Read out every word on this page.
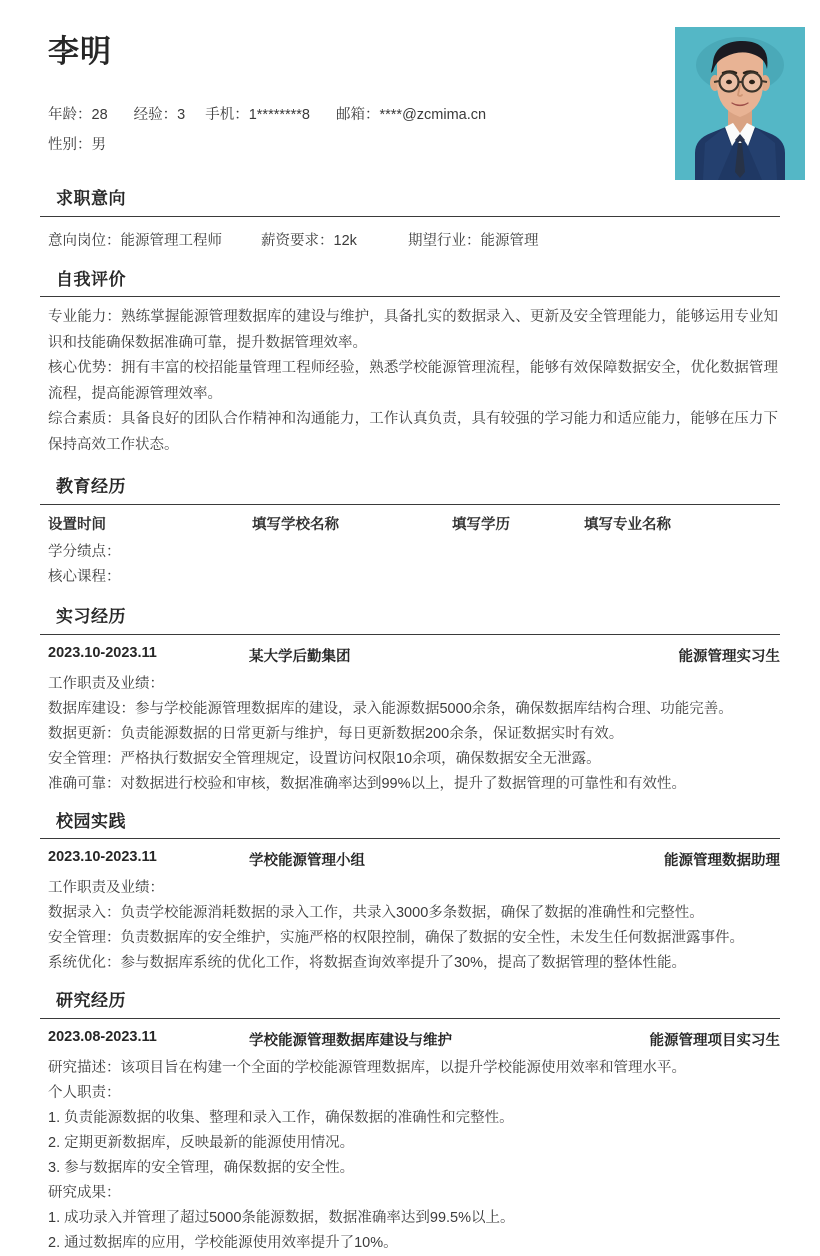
李明
年龄：28 经验：3 手机：1********8 邮箱：****@zcmima.cn
性别：男
求职意向
意向岗位：能源管理工程师	薪资要求：12k	期望行业：能源管理
自我评价
专业能力：熟练掌握能源管理数据库的建设与维护，具备扎实的数据录入、更新及安全管理能力，能够运用专业知识和技能确保数据准确可靠，提升数据管理效率。
核心优势：拥有丰富的校招能量管理工程师经验，熟悉学校能源管理流程，能够有效保障数据安全，优化数据管理流程，提高能源管理效率。
综合素质：具备良好的团队合作精神和沟通能力，工作认真负责，具有较强的学习能力和适应能力，能够在压力下保持高效工作状态。
教育经历
设置时间	填写学校名称	填写学历	填写专业名称
学分绩点：
核心课程：
实习经历
2023.10-2023.11	某大学后勤集团	能源管理实习生
工作职责及业绩：
数据库建设：参与学校能源管理数据库的建设，录入能源数据5000余条，确保数据库结构合理、功能完善。
数据更新：负责能源数据的日常更新与维护，每日更新数据200余条，保证数据实时有效。
安全管理：严格执行数据安全管理规定，设置访问权限10余项，确保数据安全无泄露。
准确可靠：对数据进行校验和审核，数据准确率达到99%以上，提升了数据管理的可靠性和有效性。
校园实践
2023.10-2023.11	学校能源管理小组	能源管理数据助理
工作职责及业绩：
数据录入：负责学校能源消耗数据的录入工作，共录入3000多条数据，确保了数据的准确性和完整性。
安全管理：负责数据库的安全维护，实施严格的权限控制，确保了数据的安全性，未发生任何数据泄露事件。
系统优化：参与数据库系统的优化工作，将数据查询效率提升了30%，提高了数据管理的整体性能。
研究经历
2023.08-2023.11	学校能源管理数据库建设与维护	能源管理项目实习生
研究描述：该项目旨在构建一个全面的学校能源管理数据库，以提升学校能源使用效率和管理水平。
个人职责：
1. 负责能源数据的收集、整理和录入工作，确保数据的准确性和完整性。
2. 定期更新数据库，反映最新的能源使用情况。
3. 参与数据库的安全管理，确保数据的安全性。
研究成果：
1. 成功录入并管理了超过5000条能源数据，数据准确率达到99.5%以上。
2. 通过数据库的应用，学校能源使用效率提升了10%。
